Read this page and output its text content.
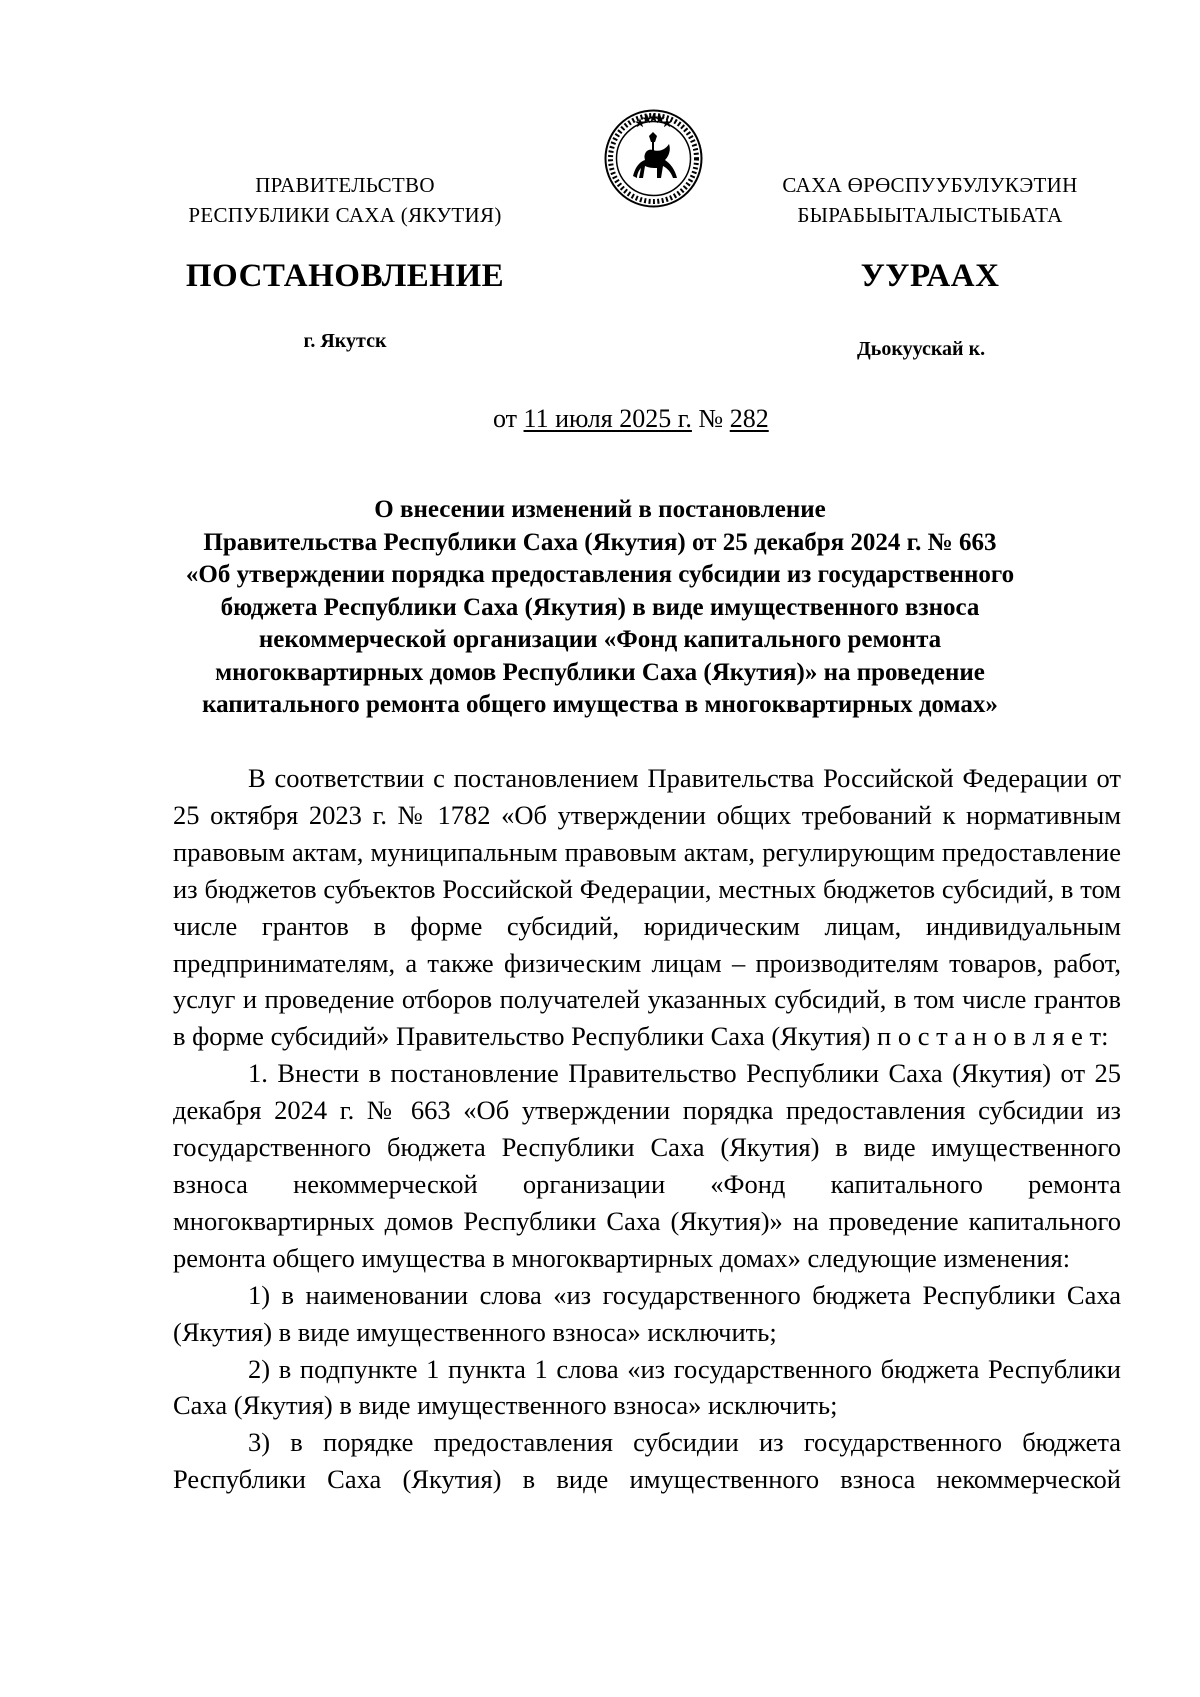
ПРАВИТЕЛЬСТВО
РЕСПУБЛИКИ САХА (ЯКУТИЯ)
САХА ӨРӨСПУУБУЛУКЭТИН
БЫРАБЫЫТАЛЫСТЫБАТА
ПОСТАНОВЛЕНИЕ	УУРААХ
г. Якутск	Дьокуускай к.
от 11 июля 2025 г. № 282
О внесении изменений в постановление
Правительства Республики Саха (Якутия) от 25 декабря 2024 г. № 663
«Об утверждении порядка предоставления субсидии из государственного
бюджета Республики Саха (Якутия) в виде имущественного взноса
некоммерческой организации «Фонд капитального ремонта
многоквартирных домов Республики Саха (Якутия)» на проведение
капитального ремонта общего имущества в многоквартирных домах»

В соответствии с постановлением Правительства Российской Федерации от 25 октября 2023 г. № 1782 «Об утверждении общих требований к нормативным правовым актам, муниципальным правовым актам, регулирующим предоставление из бюджетов субъектов Российской Федерации, местных бюджетов субсидий, в том числе грантов в форме субсидий, юридическим лицам, индивидуальным предпринимателям, а также физическим лицам – производителям товаров, работ, услуг и проведение отборов получателей указанных субсидий, в том числе грантов в форме субсидий» Правительство Республики Саха (Якутия) п о с т а н о в л я е т:

1. Внести в постановление Правительство Республики Саха (Якутия) от 25 декабря 2024 г. № 663 «Об утверждении порядка предоставления субсидии из государственного бюджета Республики Саха (Якутия) в виде имущественного взноса некоммерческой организации «Фонд капитального ремонта многоквартирных домов Республики Саха (Якутия)» на проведение капитального ремонта общего имущества в многоквартирных домах» следующие изменения:

1) в наименовании слова «из государственного бюджета Республики Саха (Якутия) в виде имущественного взноса» исключить;

2) в подпункте 1 пункта 1 слова «из государственного бюджета Республики Саха (Якутия) в виде имущественного взноса» исключить;

3) в порядке предоставления субсидии из государственного бюджета Республики Саха (Якутия) в виде имущественного взноса некоммерческой
